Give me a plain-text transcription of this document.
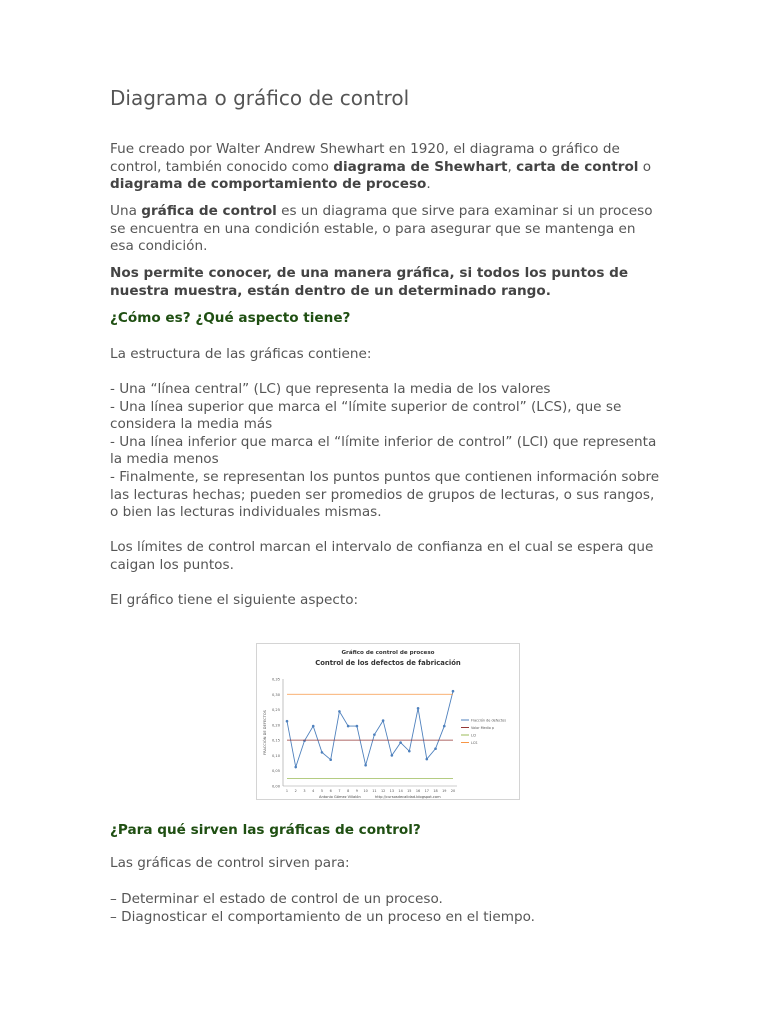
Diagrama o gráfico de control

Fue creado por Walter Andrew Shewhart en 1920, el diagrama o gráfico de control, también conocido como diagrama de Shewhart, carta de control o diagrama de comportamiento de proceso.

Una gráfica de control es un diagrama que sirve para examinar si un proceso se encuentra en una condición estable, o para asegurar que se mantenga en esa condición.

Nos permite conocer, de una manera gráfica, si todos los puntos de nuestra muestra, están dentro de un determinado rango.

¿Cómo es? ¿Qué aspecto tiene?

La estructura de las gráficas contiene:

- Una “línea central” (LC) que representa la media de los valores
- Una línea superior que marca el “límite superior de control” (LCS), que se considera la media más
- Una línea inferior que marca el “límite inferior de control” (LCI) que representa la media menos
- Finalmente, se representan los puntos puntos que contienen información sobre las lecturas hechas; pueden ser promedios de grupos de lecturas, o sus rangos, o bien las lecturas individuales mismas.

Los límites de control marcan el intervalo de confianza en el cual se espera que caigan los puntos.

El gráfico tiene el siguiente aspecto:

Gráfico de control de proceso
Control de los defectos de fabricación
0,00
0,05
0,10
0,15
0,20
0,25
0,30
0,35
FRACCIÓN DE DEFECTOS
1 2 3 4 5 6 7 8 9 10 11 12 13 14 15 16 17 18 19 20
Fracción de defectos
Valor Medio p
LCI
LCS
Antonio Gómez Villalón	http://cursosdecalidad.blogspot.com

¿Para qué sirven las gráficas de control?

Las gráficas de control sirven para:

– Determinar el estado de control de un proceso.
– Diagnosticar el comportamiento de un proceso en el tiempo.
